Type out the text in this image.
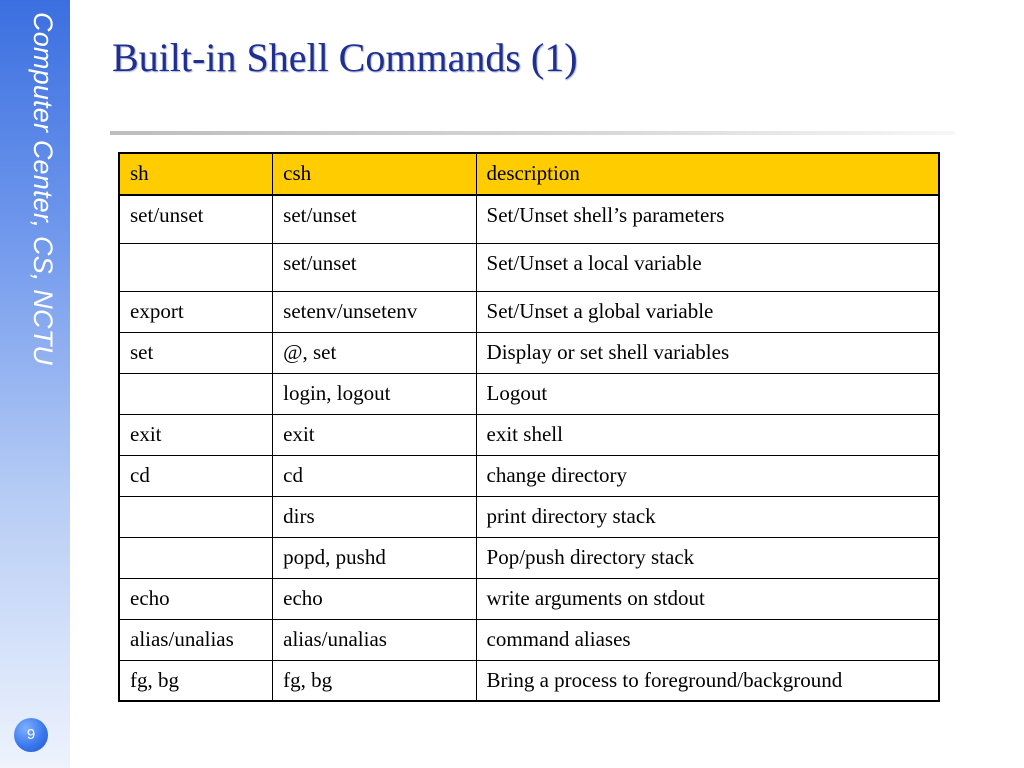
Computer Center, CS, NCTU
9
Built-in Shell Commands (1)
sh	csh	description
set/unset	set/unset	Set/Unset shell’s parameters
	set/unset	Set/Unset a local variable
export	setenv/unsetenv	Set/Unset a global variable
set	@, set	Display or set shell variables
	login, logout	Logout
exit	exit	exit shell
cd	cd	change directory
	dirs	print directory stack
	popd, pushd	Pop/push directory stack
echo	echo	write arguments on stdout
alias/unalias	alias/unalias	command aliases
fg, bg	fg, bg	Bring a process to foreground/background
